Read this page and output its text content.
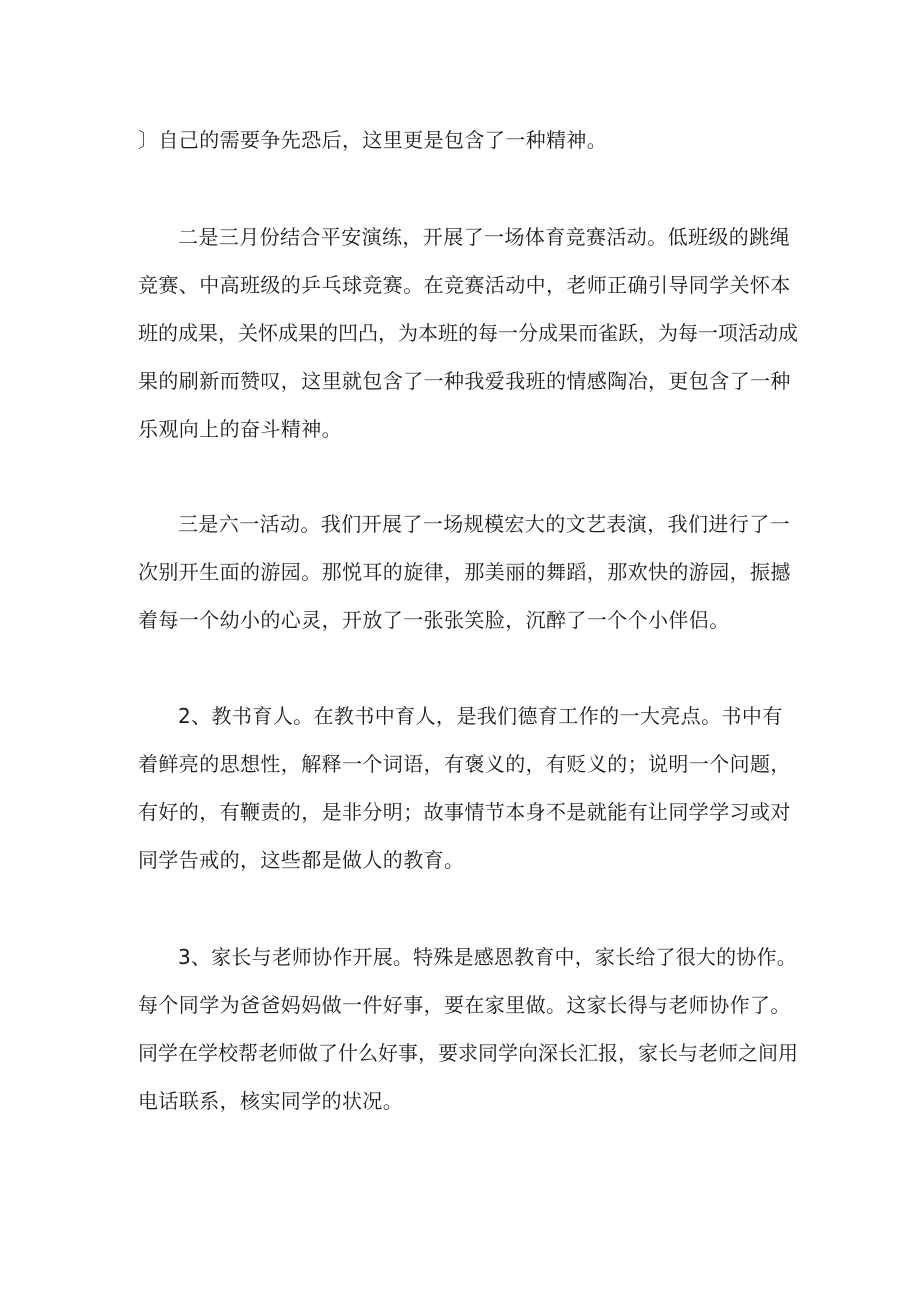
〕自己的需要争先恐后，这里更是包含了一种精神。
二是三月份结合平安演练，开展了一场体育竞赛活动。低班级的跳绳
竞赛、中高班级的乒乓球竞赛。在竞赛活动中，老师正确引导同学关怀本
班的成果，关怀成果的凹凸，为本班的每一分成果而雀跃，为每一项活动成
果的刷新而赞叹，这里就包含了一种我爱我班的情感陶冶，更包含了一种
乐观向上的奋斗精神。
三是六一活动。我们开展了一场规模宏大的文艺表演，我们进行了一
次别开生面的游园。那悦耳的旋律，那美丽的舞蹈，那欢快的游园，振撼
着每一个幼小的心灵，开放了一张张笑脸，沉醉了一个个小伴侣。
2、教书育人。在教书中育人，是我们德育工作的一大亮点。书中有
着鲜亮的思想性，解释一个词语，有褒义的，有贬义的；说明一个问题，
有好的，有鞭责的，是非分明；故事情节本身不是就能有让同学学习或对
同学告戒的，这些都是做人的教育。
3、家长与老师协作开展。特殊是感恩教育中，家长给了很大的协作。
每个同学为爸爸妈妈做一件好事，要在家里做。这家长得与老师协作了。
同学在学校帮老师做了什么好事，要求同学向深长汇报，家长与老师之间用
电话联系，核实同学的状况。
